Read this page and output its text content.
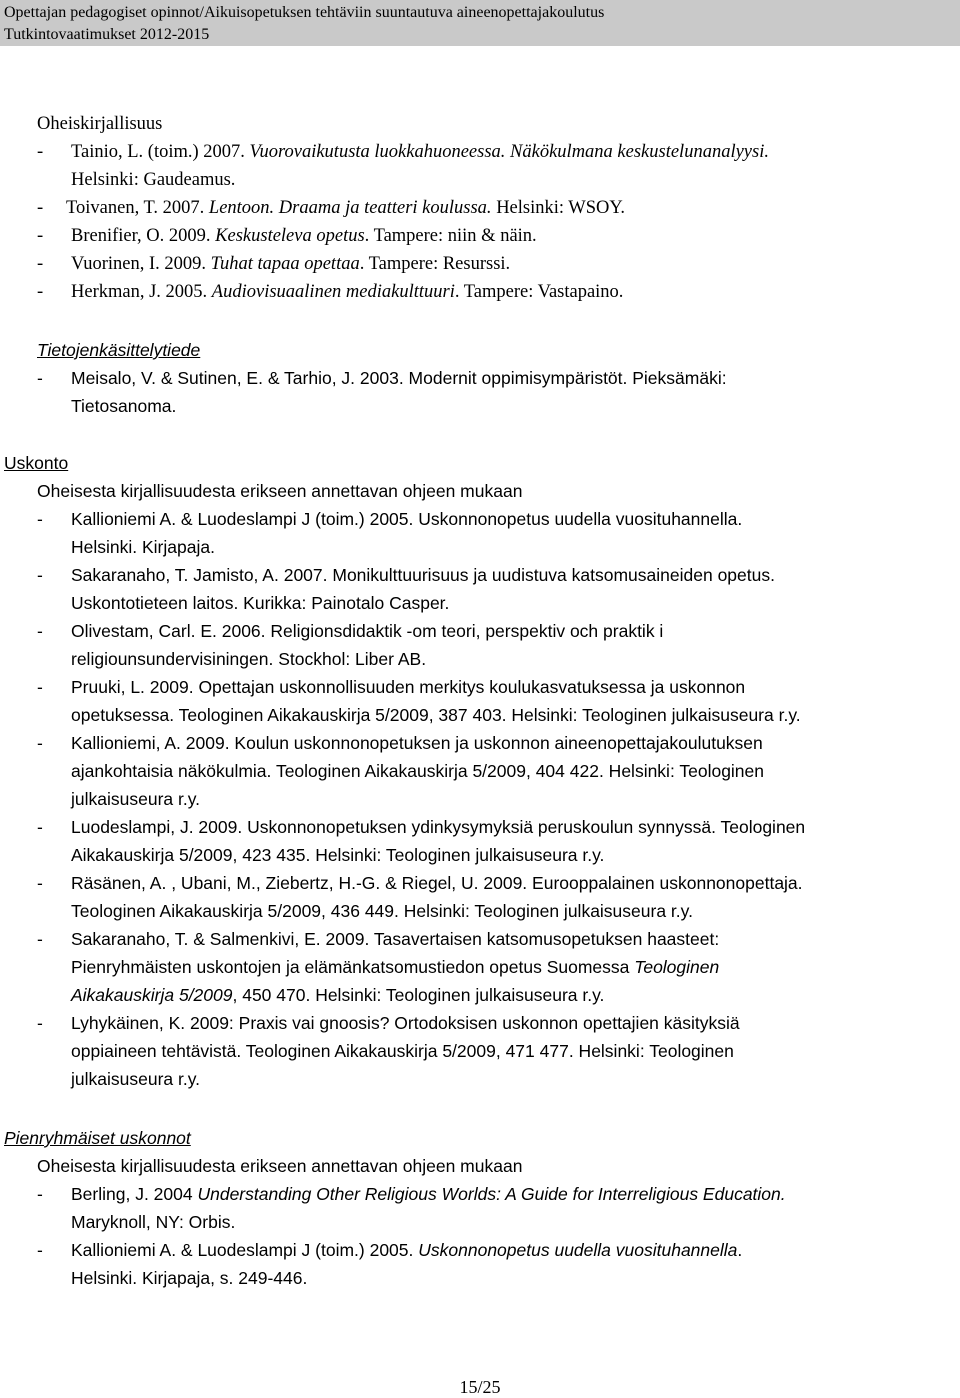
Opettajan pedagogiset opinnot/Aikuisopetuksen tehtäviin suuntautuva aineenopettajakoulutus
Tutkintovaatimukset 2012-2015
Oheiskirjallisuus
- Tainio, L. (toim.) 2007. Vuorovaikutusta luokkahuoneessa. Näkökulmana keskustelunanalyysi.
Helsinki: Gaudeamus.
- Toivanen, T. 2007. Lentoon. Draama ja teatteri koulussa. Helsinki: WSOY.
- Brenifier, O. 2009. Keskusteleva opetus. Tampere: niin & näin.
- Vuorinen, I. 2009. Tuhat tapaa opettaa. Tampere: Resurssi.
- Herkman, J. 2005. Audiovisuaalinen mediakulttuuri. Tampere: Vastapaino.
Tietojenkäsittelytiede
- Meisalo, V. & Sutinen, E. & Tarhio, J. 2003. Modernit oppimisympäristöt. Pieksämäki:
Tietosanoma.
Uskonto
Oheisesta kirjallisuudesta erikseen annettavan ohjeen mukaan
- Kallioniemi A. & Luodeslampi J (toim.) 2005. Uskonnonopetus uudella vuosituhannella.
Helsinki. Kirjapaja.
- Sakaranaho, T. Jamisto, A. 2007. Monikulttuurisuus ja uudistuva katsomusaineiden opetus.
Uskontotieteen laitos. Kurikka: Painotalo Casper.
- Olivestam, Carl. E. 2006. Religionsdidaktik -om teori, perspektiv och praktik i
religiounsundervisiningen. Stockhol: Liber AB.
- Pruuki, L. 2009. Opettajan uskonnollisuuden merkitys koulukasvatuksessa ja uskonnon
opetuksessa. Teologinen Aikakauskirja 5/2009, 387 403. Helsinki: Teologinen julkaisuseura r.y.
- Kallioniemi, A. 2009. Koulun uskonnonopetuksen ja uskonnon aineenopettajakoulutuksen
ajankohtaisia näkökulmia. Teologinen Aikakauskirja 5/2009, 404 422. Helsinki: Teologinen
julkaisuseura r.y.
- Luodeslampi, J. 2009. Uskonnonopetuksen ydinkysymyksiä peruskoulun synnyssä. Teologinen
Aikakauskirja 5/2009, 423 435. Helsinki: Teologinen julkaisuseura r.y.
- Räsänen, A. , Ubani, M., Ziebertz, H.-G. & Riegel, U. 2009. Eurooppalainen uskonnonopettaja.
Teologinen Aikakauskirja 5/2009, 436 449. Helsinki: Teologinen julkaisuseura r.y.
- Sakaranaho, T. & Salmenkivi, E. 2009. Tasavertaisen katsomusopetuksen haasteet:
Pienryhmäisten uskontojen ja elämänkatsomustiedon opetus Suomessa Teologinen
Aikakauskirja 5/2009, 450 470. Helsinki: Teologinen julkaisuseura r.y.
- Lyhykäinen, K. 2009: Praxis vai gnoosis? Ortodoksisen uskonnon opettajien käsityksiä
oppiaineen tehtävistä. Teologinen Aikakauskirja 5/2009, 471 477. Helsinki: Teologinen
julkaisuseura r.y.
Pienryhmäiset uskonnot
Oheisesta kirjallisuudesta erikseen annettavan ohjeen mukaan
- Berling, J. 2004 Understanding Other Religious Worlds: A Guide for Interreligious Education.
Maryknoll, NY: Orbis.
- Kallioniemi A. & Luodeslampi J (toim.) 2005. Uskonnonopetus uudella vuosituhannella.
Helsinki. Kirjapaja, s. 249-446.
15/25
